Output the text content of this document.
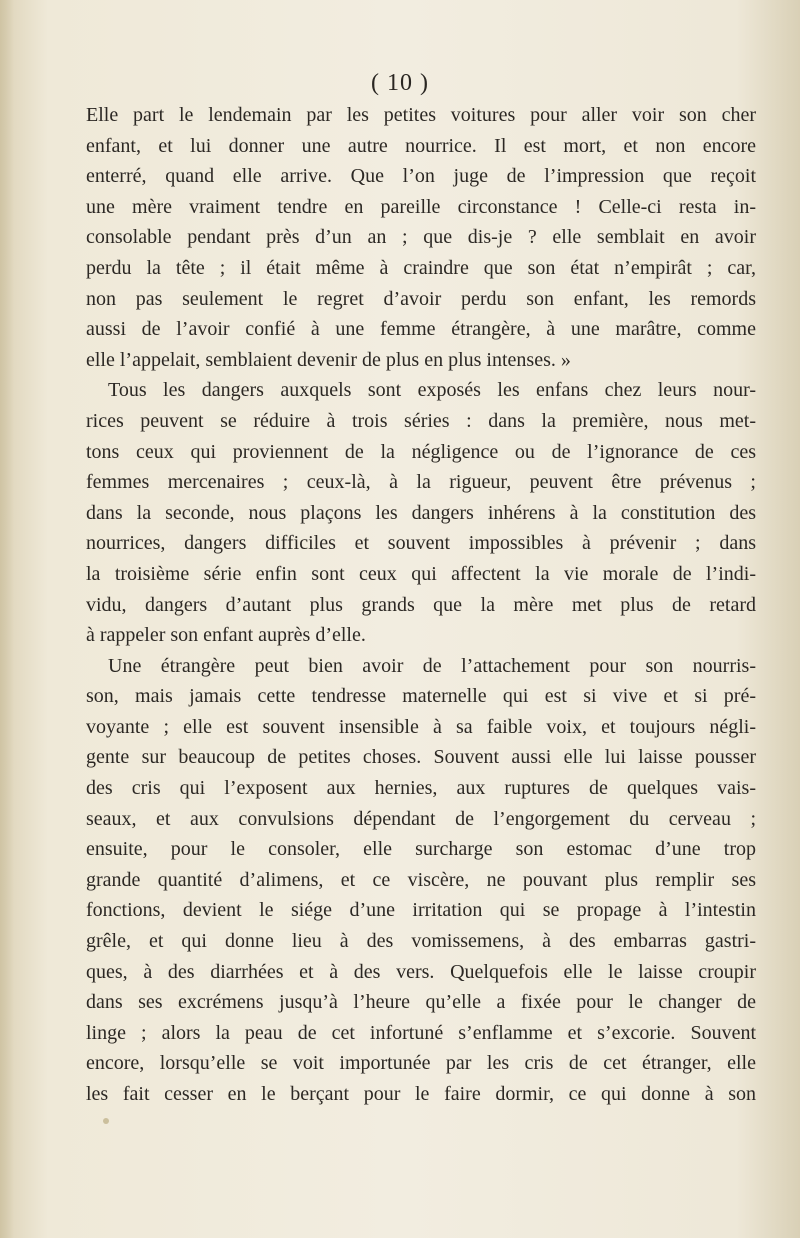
( 10 )
Elle part le lendemain par les petites voitures pour aller voir son cher
enfant, et lui donner une autre nourrice. Il est mort, et non encore
enterré, quand elle arrive. Que l’on juge de l’impression que reçoit
une mère vraiment tendre en pareille circonstance ! Celle-ci resta in-
consolable pendant près d’un an ; que dis-je ? elle semblait en avoir
perdu la tête ; il était même à craindre que son état n’empirât ; car,
non pas seulement le regret d’avoir perdu son enfant, les remords
aussi de l’avoir confié à une femme étrangère, à une marâtre, comme
elle l’appelait, semblaient devenir de plus en plus intenses. »
Tous les dangers auxquels sont exposés les enfans chez leurs nour-
rices peuvent se réduire à trois séries : dans la première, nous met-
tons ceux qui proviennent de la négligence ou de l’ignorance de ces
femmes mercenaires ; ceux-là, à la rigueur, peuvent être prévenus ;
dans la seconde, nous plaçons les dangers inhérens à la constitution des
nourrices, dangers difficiles et souvent impossibles à prévenir ; dans
la troisième série enfin sont ceux qui affectent la vie morale de l’indi-
vidu, dangers d’autant plus grands que la mère met plus de retard
à rappeler son enfant auprès d’elle.
Une étrangère peut bien avoir de l’attachement pour son nourris-
son, mais jamais cette tendresse maternelle qui est si vive et si pré-
voyante ; elle est souvent insensible à sa faible voix, et toujours négli-
gente sur beaucoup de petites choses. Souvent aussi elle lui laisse pousser
des cris qui l’exposent aux hernies, aux ruptures de quelques vais-
seaux, et aux convulsions dépendant de l’engorgement du cerveau ;
ensuite, pour le consoler, elle surcharge son estomac d’une trop
grande quantité d’alimens, et ce viscère, ne pouvant plus remplir ses
fonctions, devient le siége d’une irritation qui se propage à l’intestin
grêle, et qui donne lieu à des vomissemens, à des embarras gastri-
ques, à des diarrhées et à des vers. Quelquefois elle le laisse croupir
dans ses excrémens jusqu’à l’heure qu’elle a fixée pour le changer de
linge ; alors la peau de cet infortuné s’enflamme et s’excorie. Souvent
encore, lorsqu’elle se voit importunée par les cris de cet étranger, elle
les fait cesser en le berçant pour le faire dormir, ce qui donne à son
